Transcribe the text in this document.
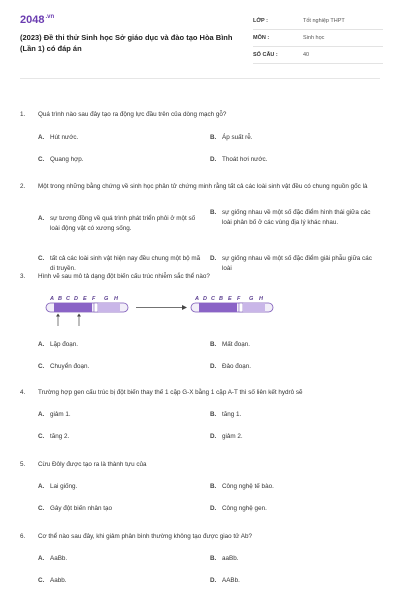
$2048^{.vn}$
(2023) Đề thi thử Sinh học Sở giáo dục và đào tạo Hòa Bình (Lần 1) có đáp án
LỚP :	Tốt nghiệp THPT
MÔN :	Sinh học
SỐ CÂU :	40
1. Quá trình nào sau đây tạo ra động lực đầu trên của dòng mạch gỗ?
A. Hút nước.	B. Áp suất rễ.
C. Quang hợp.	D. Thoát hơi nước.
2. Một trong những bằng chứng về sinh học phân tử chứng minh rằng tất cả các loài sinh vật đều có chung nguồn gốc là
A. sự tương đồng về quá trình phát triển phôi ở một số loài động vật có xương sống.
B. sự giống nhau về một số đặc điểm hình thái giữa các loài phân bố ở các vùng địa lý khác nhau.
C. tất cả các loài sinh vật hiện nay đều chung một bộ mã di truyền.
D. sự giống nhau về một số đặc điểm giải phẫu giữa các loài
3. Hình vẽ sau mô tả dạng đột biến cấu trúc nhiễm sắc thể nào?
A. Lặp đoạn.	B. Mất đoạn.
C. Chuyển đoạn.	D. Đảo đoạn.
A B C D E F G H	A D C B E F G H
4. Trường hợp gen cấu trúc bị đột biến thay thế 1 cặp G-X bằng 1 cặp A-T thì số liên kết hydrô sẽ
A. giảm 1.	B. tăng 1.
C. tăng 2.	D. giảm 2.
5. Cừu Đôly được tạo ra là thành tựu của
A. Lai giống.	B. Công nghệ tế bào.
C. Gây đột biến nhân tạo	D. Công nghệ gen.
6. Cơ thể nào sau đây, khi giảm phân bình thường không tạo được giao tử Ab?
A. AaBb.	B. aaBb.
C. Aabb.	D. AABb.
